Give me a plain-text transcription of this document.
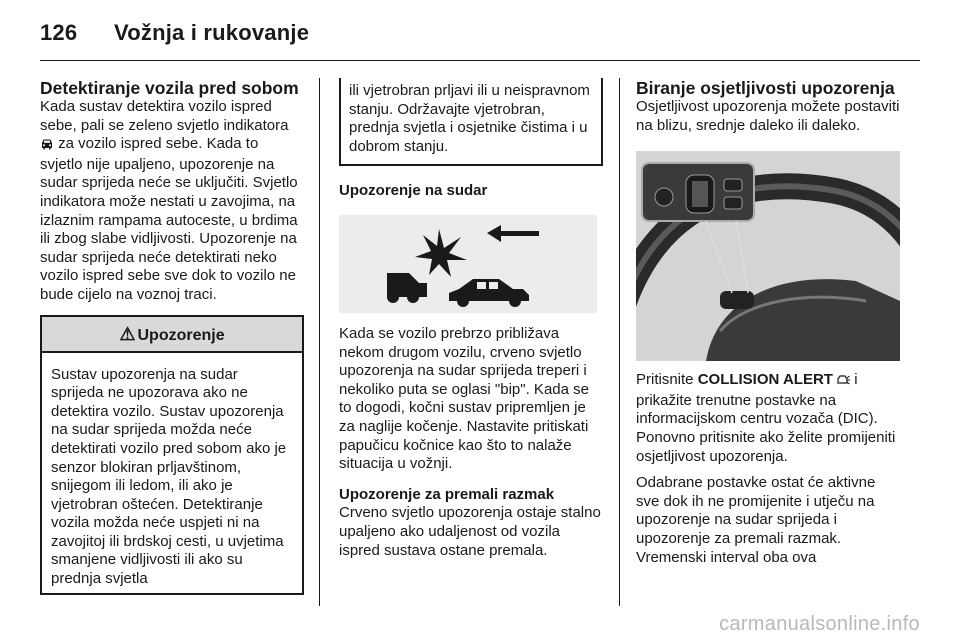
126 Vožnja i rukovanje
Detektiranje vozila pred sobom

Kada sustav detektira vozilo ispred sebe, pali se zeleno svjetlo indikatora  za vozilo ispred sebe. Kada to svjetlo nije upaljeno, upozorenje na sudar sprijeda neće se uključiti. Svjetlo indikatora može nestati u zavojima, na izlaznim rampama autoceste, u brdima ili zbog slabe vidljivosti. Upozorenje na sudar sprijeda neće detektirati neko vozilo ispred sebe sve dok to vozilo ne bude cijelo na voznoj traci.

⚠ Upozorenje
Sustav upozorenja na sudar sprijeda ne upozorava ako ne detektira vozilo. Sustav upozorenja na sudar sprijeda možda neće detektirati vozilo pred sobom ako je senzor blokiran prljavštinom, snijegom ili ledom, ili ako je vjetrobran oštećen. Detektiranje vozila možda neće uspjeti ni na zavojitoj ili brdskoj cesti, u uvjetima smanjene vidljivosti ili ako su prednja svjetla
ili vjetrobran prljavi ili u neispravnom stanju. Održavajte vjetrobran, prednja svjetla i osjetnike čistima i u dobrom stanju.
Upozorenje na sudar

Kada se vozilo prebrzo približava nekom drugom vozilu, crveno svjetlo upozorenja na sudar sprijeda treperi i nekoliko puta se oglasi "bip". Kada se to dogodi, kočni sustav pripremljen je za naglije kočenje. Nastavite pritiskati papučicu kočnice kao što to nalaže situacija u vožnji.

Upozorenje za premali razmak

Crveno svjetlo upozorenja ostaje stalno upaljeno ako udaljenost od vozila ispred sustava ostane premala.

Biranje osjetljivosti upozorenja

Osjetljivost upozorenja možete postaviti na blizu, srednje daleko ili daleko.

Pritisnite COLLISION ALERT  i prikažite trenutne postavke na informacijskom centru vozača (DIC). Ponovno pritisnite ako želite promijeniti osjetljivost upozorenja.

Odabrane postavke ostat će aktivne sve dok ih ne promijenite i utječu na upozorenje na sudar sprijeda i upozorenje za premali razmak. Vremenski interval oba ova

carmanualsonline.info
